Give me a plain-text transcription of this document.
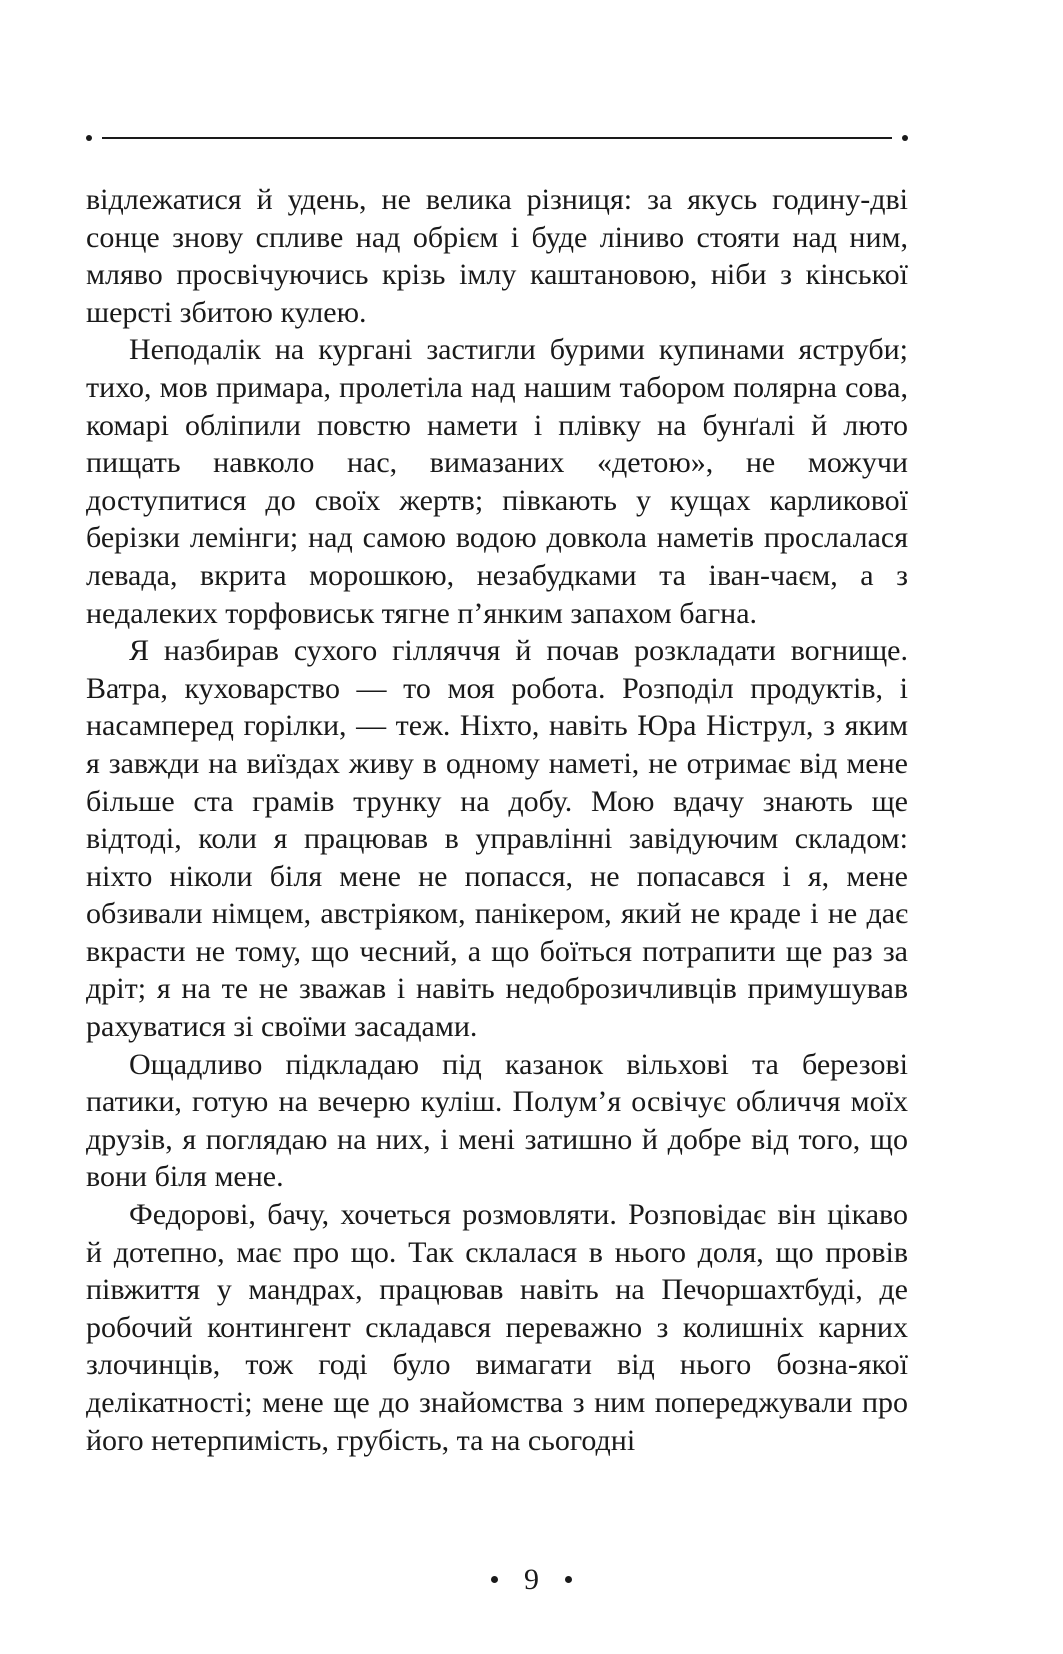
відлежатися й удень, не велика різниця: за якусь годину-дві сонце знову спливе над обрієм і буде ліниво стояти над ним, мляво просвічуючись крізь імлу каштановою, ніби з кінської шерсті збитою кулею.

Неподалік на кургані застигли бурими купинами яструби; тихо, мов примара, пролетіла над нашим табором полярна сова, комарі обліпили повстю намети і плівку на бунґалі й люто пищать навколо нас, вимазаних «детою», не можучи доступитися до своїх жертв; півкають у кущах карликової берізки лемінги; над самою водою довкола наметів прослалася левада, вкрита морошкою, незабудками та іван-чаєм, а з недалеких торфовиськ тягне п’янким запахом багна.

Я назбирав сухого гілляччя й почав розкладати вогнище. Ватра, куховарство — то моя робота. Розподіл продуктів, і насамперед горілки, — теж. Ніхто, навіть Юра Ніструл, з яким я завжди на виїздах живу в одному наметі, не отримає від мене більше ста грамів трунку на добу. Мою вдачу знають ще відтоді, коли я працював в управлінні завідуючим складом: ніхто ніколи біля мене не попасся, не попасався і я, мене обзивали німцем, австріяком, панікером, який не краде і не дає вкрасти не тому, що чесний, а що боїться потрапити ще раз за дріт; я на те не зважав і навіть недоброзичливців примушував рахуватися зі своїми засадами.

Ощадливо підкладаю під казанок вільхові та березові патики, готую на вечерю куліш. Полум’я освічує обличчя моїх друзів, я поглядаю на них, і мені затишно й добре від того, що вони біля мене.

Федорові, бачу, хочеться розмовляти. Розповідає він цікаво й дотепно, має про що. Так склалася в нього доля, що провів півжиття у мандрах, працював навіть на Печоршахтбуді, де робочий контингент складався переважно з колишніх карних злочинців, тож годі було вимагати від нього бозна-якої делікатності; мене ще до знайомства з ним попереджували про його нетерпимість, грубість, та на сьогодні

9
